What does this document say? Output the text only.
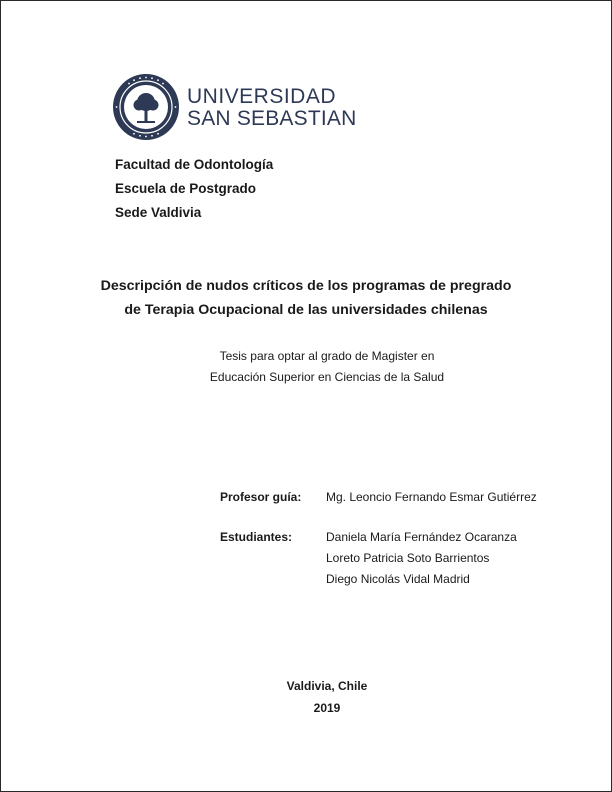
UNIVERSIDAD
SAN SEBASTIAN
Facultad de Odontología
Escuela de Postgrado
Sede Valdivia
Descripción de nudos críticos de los programas de pregrado
de Terapia Ocupacional de las universidades chilenas
Tesis para optar al grado de Magister en
Educación Superior en Ciencias de la Salud
Profesor guía:	Mg. Leoncio Fernando Esmar Gutiérrez
Estudiantes:	Daniela María Fernández Ocaranza
Loreto Patricia Soto Barrientos
Diego Nicolás Vidal Madrid
Valdivia, Chile
2019
